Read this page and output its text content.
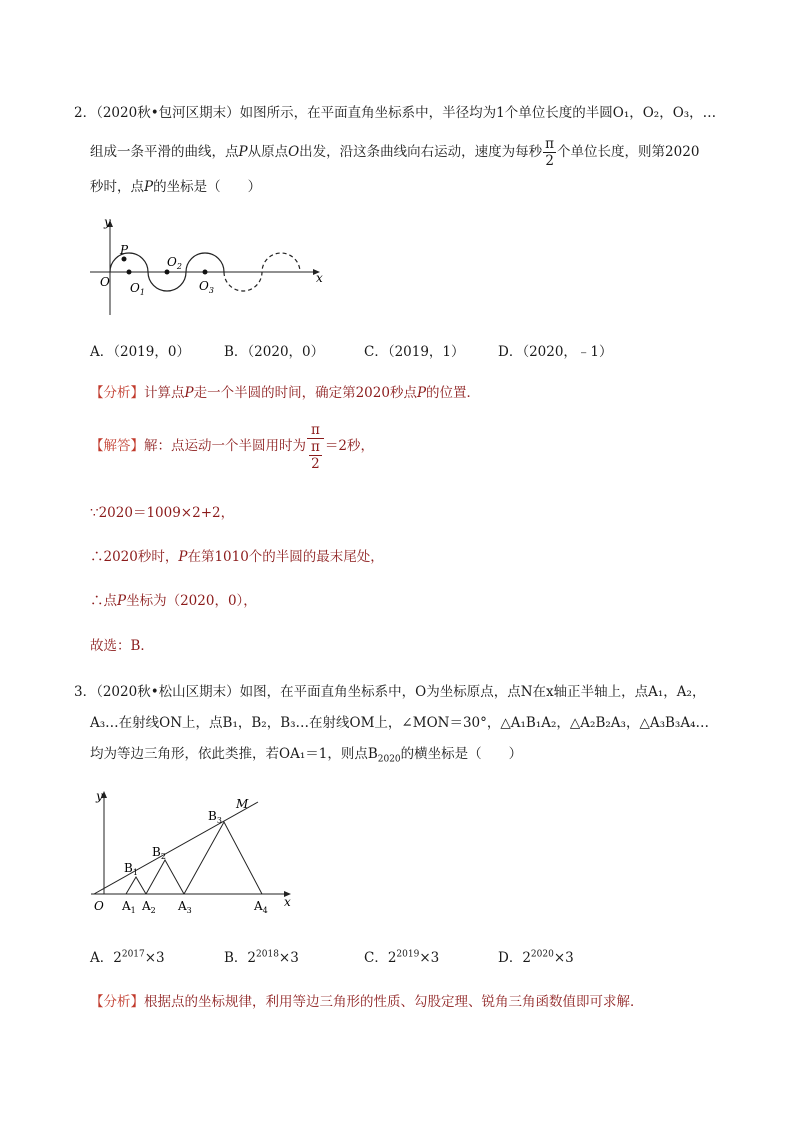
2．（2020秋•包河区期末）如图所示，在平面直角坐标系中，半径均为1个单位长度的半圆O₁，O₂，O₃，…
组成一条平滑的曲线，点P从原点O出发，沿这条曲线向右运动，速度为每秒 $\frac{\pi}{2}$ 个单位长度，则第2020
秒时，点P的坐标是（　　）
y
x
O
P
$O_1$
$O_2$
$O_3$
A．（2019，0）	B．（2020，0）	C．（2019，1） D．（2020，﹣1）
【分析】计算点P走一个半圆的时间，确定第2020秒点P的位置．
【解答】解：点运动一个半圆用时为 $\frac{\pi}{\frac{\pi}{2}} =2$秒，
∵2020＝1009×2+2，
∴2020秒时，P在第1010个的半圆的最末尾处，
∴点P坐标为（2020，0），
故选：B．
3．（2020秋•松山区期末）如图，在平面直角坐标系中，O为坐标原点，点N在x轴正半轴上，点A₁，A₂，
A₃…在射线ON上，点B₁，B₂，B₃…在射线OM上，∠MON＝30°，△A₁B₁A₂，△A₂B₂A₃，△A₃B₃A₄…
均为等边三角形，依此类推，若OA₁＝1，则点$B_{2020}$的横坐标是（　　）
y
x
O
M
$B_1$
$B_2$
$B_3$
$A_1$ $A_2$ $A_3$	$A_4$
A．$2^{2017}\times 3$	B．$2^{2018}\times 3$	C．$2^{2019}\times 3$	D．$2^{2020}\times 3$
【分析】根据点的坐标规律，利用等边三角形的性质、勾股定理、锐角三角函数值即可求解．
